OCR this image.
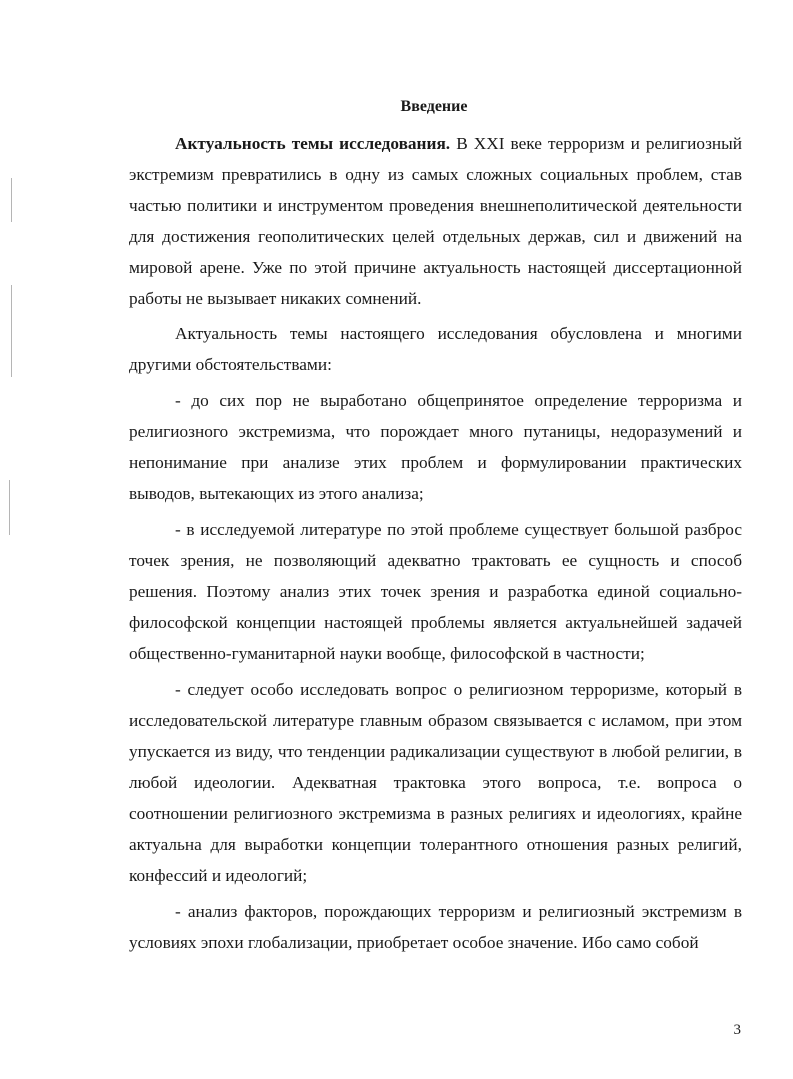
Введение

Актуальность темы исследования. В XXI веке терроризм и религиозный экстремизм превратились в одну из самых сложных социальных проблем, став частью политики и инструментом проведения внешнеполитической деятельности для достижения геополитических целей отдельных держав, сил и движений на мировой арене. Уже по этой причине актуальность настоящей диссертационной работы не вызывает никаких сомнений.

Актуальность темы настоящего исследования обусловлена и многими другими обстоятельствами:

- до сих пор не выработано общепринятое определение терроризма и религиозного экстремизма, что порождает много путаницы, недоразумений и непонимание при анализе этих проблем и формулировании практических выводов, вытекающих из этого анализа;

- в исследуемой литературе по этой проблеме существует большой разброс точек зрения, не позволяющий адекватно трактовать ее сущность и способ решения. Поэтому анализ этих точек зрения и разработка единой социально-философской концепции настоящей проблемы является актуальнейшей задачей общественно-гуманитарной науки вообще, философской в частности;

- следует особо исследовать вопрос о религиозном терроризме, который в исследовательской литературе главным образом связывается с исламом, при этом упускается из виду, что тенденции радикализации существуют в любой религии, в любой идеологии. Адекватная трактовка этого вопроса, т.е. вопроса о соотношении религиозного экстремизма в разных религиях и идеологиях, крайне актуальна для выработки концепции толерантного отношения разных религий, конфессий и идеологий;

- анализ факторов, порождающих терроризм и религиозный экстремизм в условиях эпохи глобализации, приобретает особое значение. Ибо само собой

3
